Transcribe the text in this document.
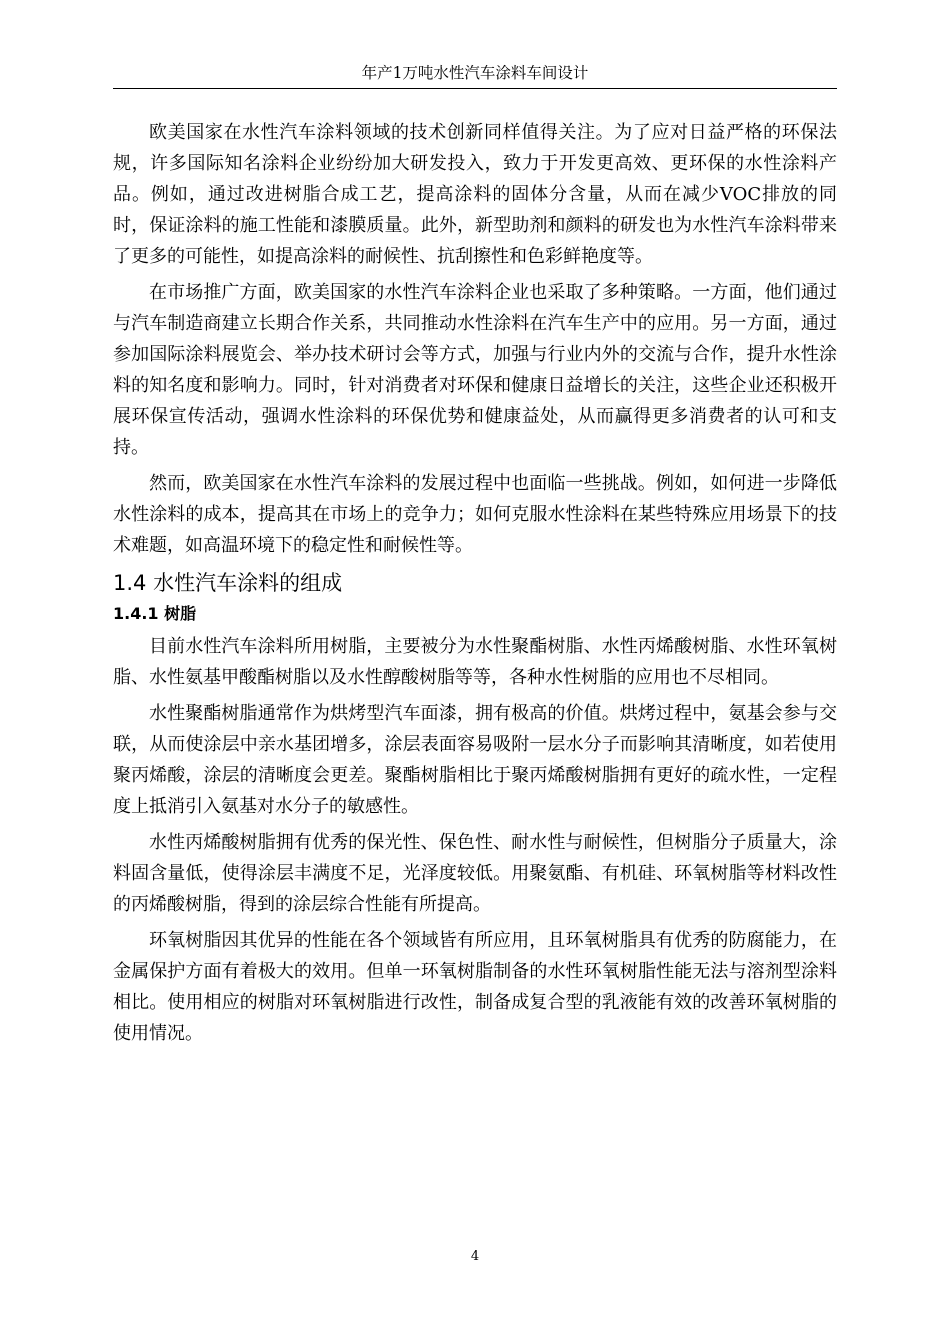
年产1万吨水性汽车涂料车间设计

欧美国家在水性汽车涂料领域的技术创新同样值得关注。为了应对日益严格的环保法规，许多国际知名涂料企业纷纷加大研发投入，致力于开发更高效、更环保的水性涂料产品。例如，通过改进树脂合成工艺，提高涂料的固体分含量，从而在减少VOC排放的同时，保证涂料的施工性能和漆膜质量。此外，新型助剂和颜料的研发也为水性汽车涂料带来了更多的可能性，如提高涂料的耐候性、抗刮擦性和色彩鲜艳度等。

在市场推广方面，欧美国家的水性汽车涂料企业也采取了多种策略。一方面，他们通过与汽车制造商建立长期合作关系，共同推动水性涂料在汽车生产中的应用。另一方面，通过参加国际涂料展览会、举办技术研讨会等方式，加强与行业内外的交流与合作，提升水性涂料的知名度和影响力。同时，针对消费者对环保和健康日益增长的关注，这些企业还积极开展环保宣传活动，强调水性涂料的环保优势和健康益处，从而赢得更多消费者的认可和支持。

然而，欧美国家在水性汽车涂料的发展过程中也面临一些挑战。例如，如何进一步降低水性涂料的成本，提高其在市场上的竞争力；如何克服水性涂料在某些特殊应用场景下的技术难题，如高温环境下的稳定性和耐候性等。

1.4 水性汽车涂料的组成
1.4.1 树脂

目前水性汽车涂料所用树脂，主要被分为水性聚酯树脂、水性丙烯酸树脂、水性环氧树脂、水性氨基甲酸酯树脂以及水性醇酸树脂等等，各种水性树脂的应用也不尽相同。

水性聚酯树脂通常作为烘烤型汽车面漆，拥有极高的价值。烘烤过程中，氨基会参与交联，从而使涂层中亲水基团增多，涂层表面容易吸附一层水分子而影响其清晰度，如若使用聚丙烯酸，涂层的清晰度会更差。聚酯树脂相比于聚丙烯酸树脂拥有更好的疏水性，一定程度上抵消引入氨基对水分子的敏感性。

水性丙烯酸树脂拥有优秀的保光性、保色性、耐水性与耐候性，但树脂分子质量大，涂料固含量低，使得涂层丰满度不足，光泽度较低。用聚氨酯、有机硅、环氧树脂等材料改性的丙烯酸树脂，得到的涂层综合性能有所提高。

环氧树脂因其优异的性能在各个领域皆有所应用，且环氧树脂具有优秀的防腐能力，在金属保护方面有着极大的效用。但单一环氧树脂制备的水性环氧树脂性能无法与溶剂型涂料相比。使用相应的树脂对环氧树脂进行改性，制备成复合型的乳液能有效的改善环氧树脂的使用情况。

4
